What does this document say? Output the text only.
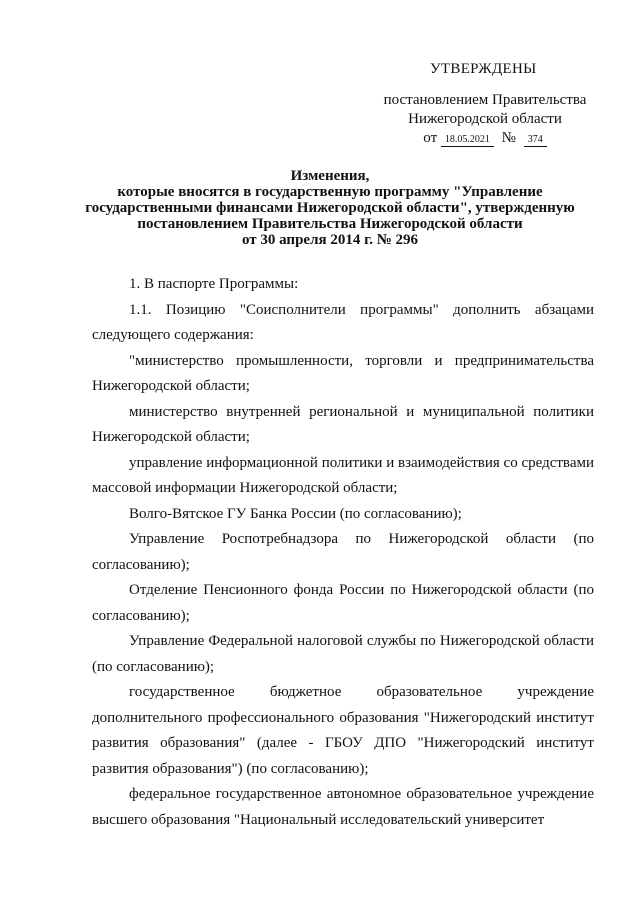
УТВЕРЖДЕНЫ
постановлением Правительства
Нижегородской области
от 18.05.2021 № 374
Изменения,
которые вносятся в государственную программу "Управление
государственными финансами Нижегородской области", утвержденную
постановлением Правительства Нижегородской области
от 30 апреля 2014 г. № 296

1. В паспорте Программы:

1.1. Позицию "Соисполнители программы" дополнить абзацами следующего содержания:

"министерство промышленности, торговли и предпринимательства Нижегородской области;

министерство внутренней региональной и муниципальной политики Нижегородской области;

управление информационной политики и взаимодействия со средствами массовой информации Нижегородской области;

Волго-Вятское ГУ Банка России (по согласованию);

Управление Роспотребнадзора по Нижегородской области (по согласованию);

Отделение Пенсионного фонда России по Нижегородской области (по согласованию);

Управление Федеральной налоговой службы по Нижегородской области (по согласованию);

государственное бюджетное образовательное учреждение дополнительного профессионального образования "Нижегородский институт развития образования" (далее - ГБОУ ДПО "Нижегородский институт развития образования") (по согласованию);

федеральное государственное автономное образовательное учреждение высшего образования "Национальный исследовательский университет
